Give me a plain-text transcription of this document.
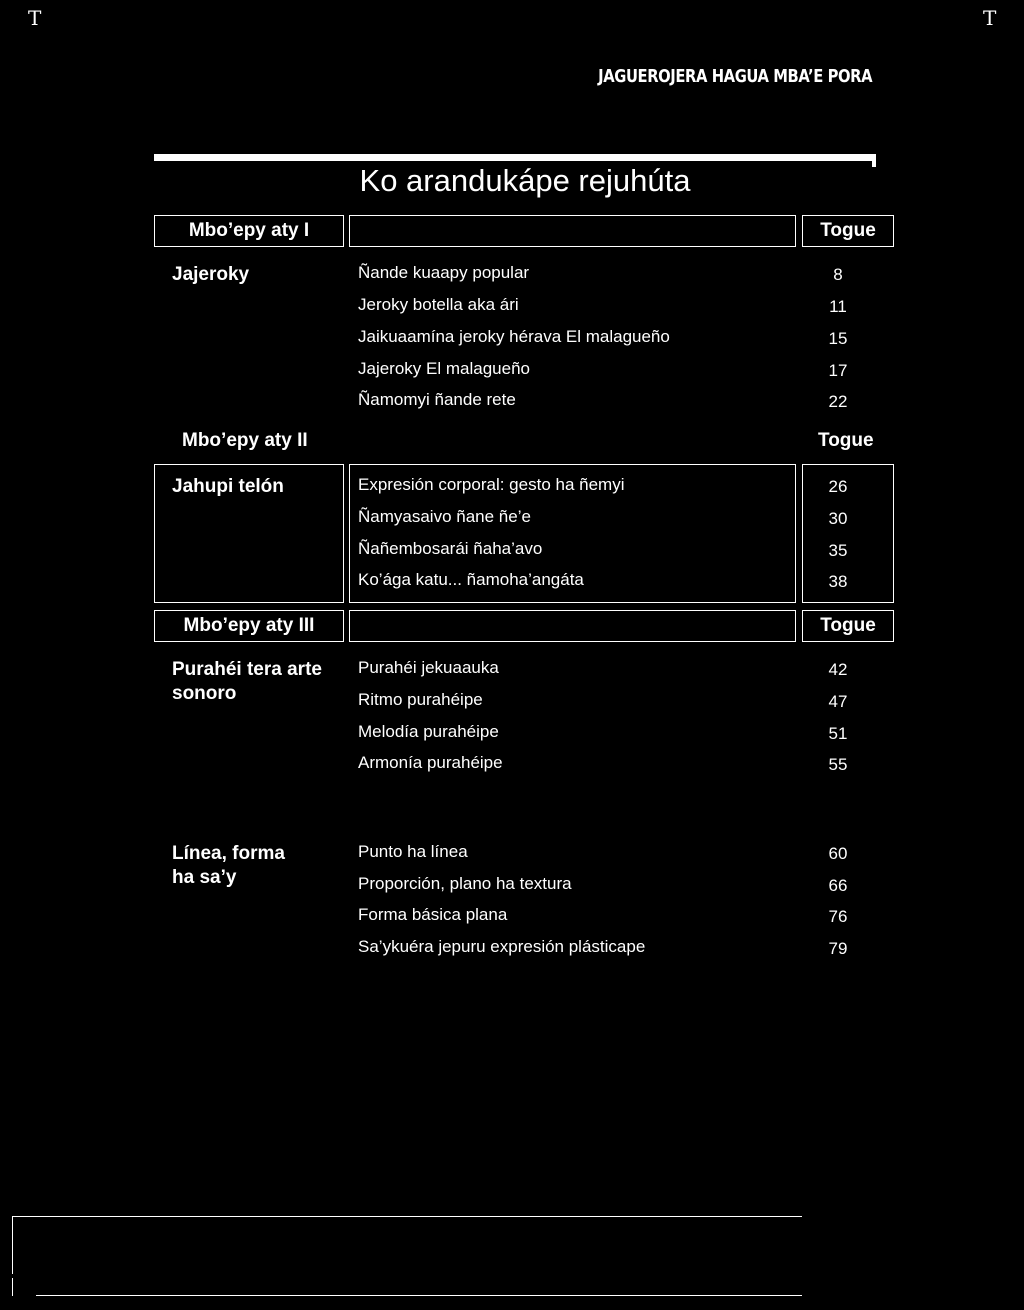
T	T
JAGUEROJERA HAGUA MBA’E PORA
Ko arandukápe rejuhúta
Mbo’epy aty I	Togue
Jajeroky	Ñande kuaapy popular	8
Jeroky botella aka ári	11
Jaikuaamína jeroky hérava El malagueño	15
Jajeroky El malagueño	17
Ñamomyi ñande rete	22
Mbo’epy aty II	Togue
Jahupi telón	Expresión corporal: gesto ha ñemyi	26
Ñamyasaivo ñane ñe’e	30
Ñañembosarái ñaha’avo	35
Ko’ága katu... ñamoha’angáta	38
Mbo’epy aty III	Togue
Purahéi tera arte
sonoro
Purahéi jekuaauka	42
Ritmo purahéipe	47
Melodía purahéipe	51
Armonía purahéipe	55
Línea, forma
ha sa’y
Punto ha línea	60
Proporción, plano ha textura	66
Forma básica plana	76
Sa’ykuéra jepuru expresión plásticape	79
